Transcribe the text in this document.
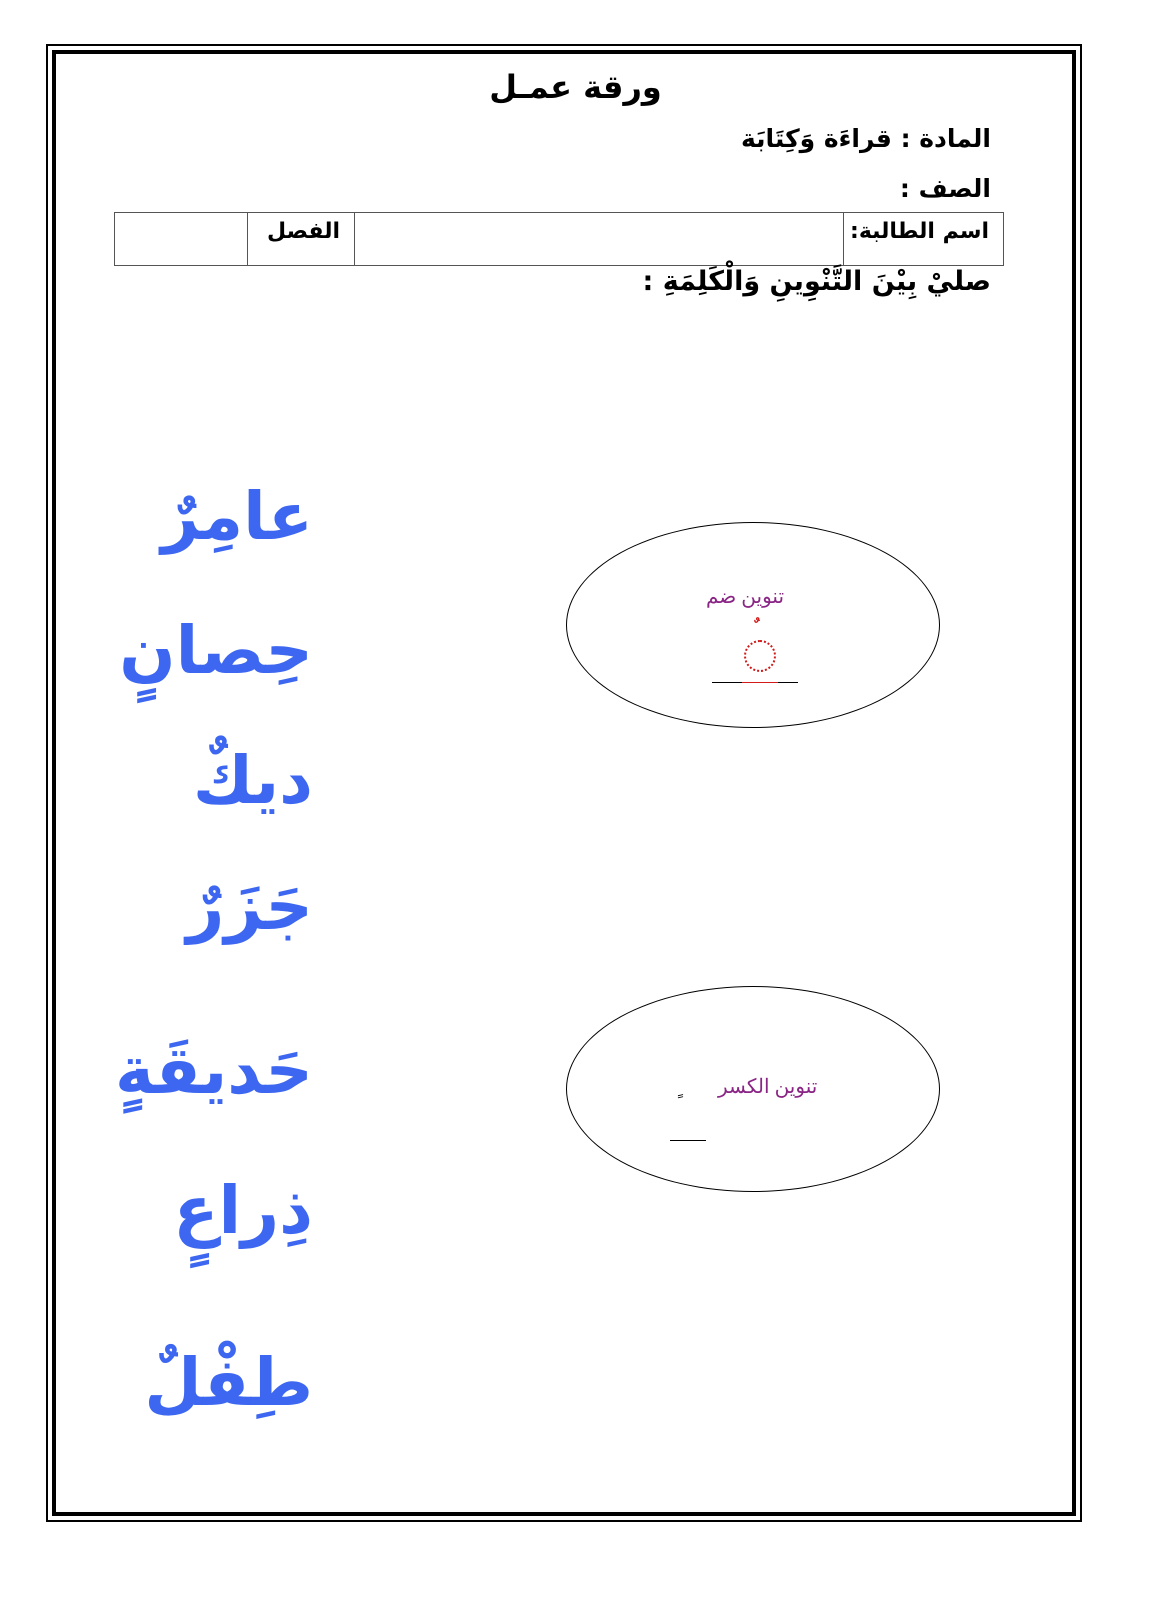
ورقة عمـل
المادة : قراءَة وَكِتَابَة
الصف :
اسم الطالبة:		الفصل	
صليْ بِيْنَ التَّنْوِينِ وَالْكَلِمَةِ :
عامِرٌ
حِصانٍ
ديكٌ
جَزَرٌ
حَديقَةٍ
ذِراعٍ
طِفْلٌ
تنوين ضم
تنوين الكسر
